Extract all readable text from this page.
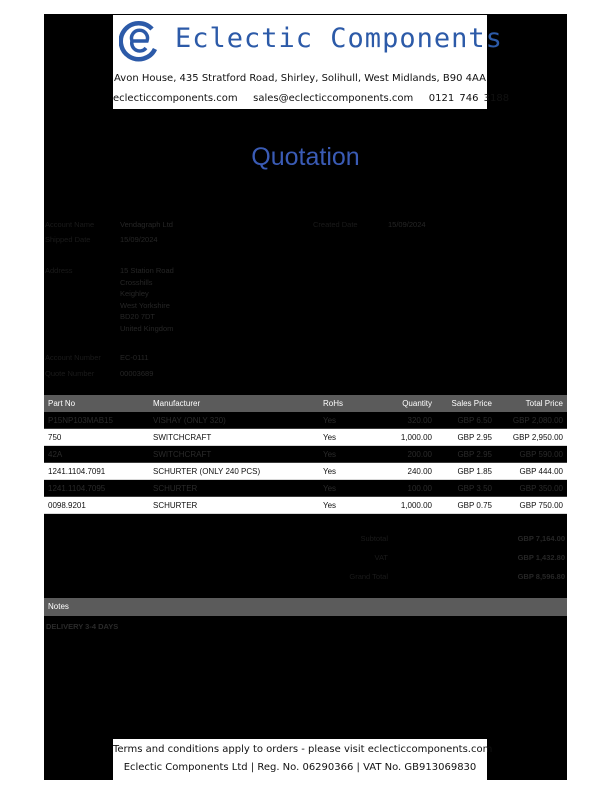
Eclectic Components
Avon House, 435 Stratford Road, Shirley, Solihull, West Midlands, B90 4AA
eclecticcomponents.com sales@eclecticcomponents.com 0121 746 3188
Quotation
Account Name	Vendagraph Ltd	Created Date	15/09/2024
Shipped Date	15/09/2024
Address	15 Station Road
Crosshills
Keighley
West Yorkshire
BD20 7DT
United Kingdom
Account Number	EC-0111
Quote Number	00003689
Part No	Manufacturer	RoHs	Quantity	Sales Price	Total Price
P15NP103MAB15	VISHAY (ONLY 320)	Yes	320.00	GBP 6.50	GBP 2,080.00
750	SWITCHCRAFT	Yes	1,000.00	GBP 2.95	GBP 2,950.00
42A	SWITCHCRAFT	Yes	200.00	GBP 2.95	GBP 590.00
1241.1104.7091	SCHURTER (ONLY 240 PCS)	Yes	240.00	GBP 1.85	GBP 444.00
1241.1104.7095	SCHURTER	Yes	100.00	GBP 3.50	GBP 350.00
0098.9201	SCHURTER	Yes	1,000.00	GBP 0.75	GBP 750.00
Subtotal	GBP 7,164.00
VAT	GBP 1,432.80
Grand Total	GBP 8,596.80
Notes
DELIVERY 3-4 DAYS
Terms and conditions apply to orders - please visit eclecticcomponents.com
Eclectic Components Ltd | Reg. No. 06290366 | VAT No. GB913069830
